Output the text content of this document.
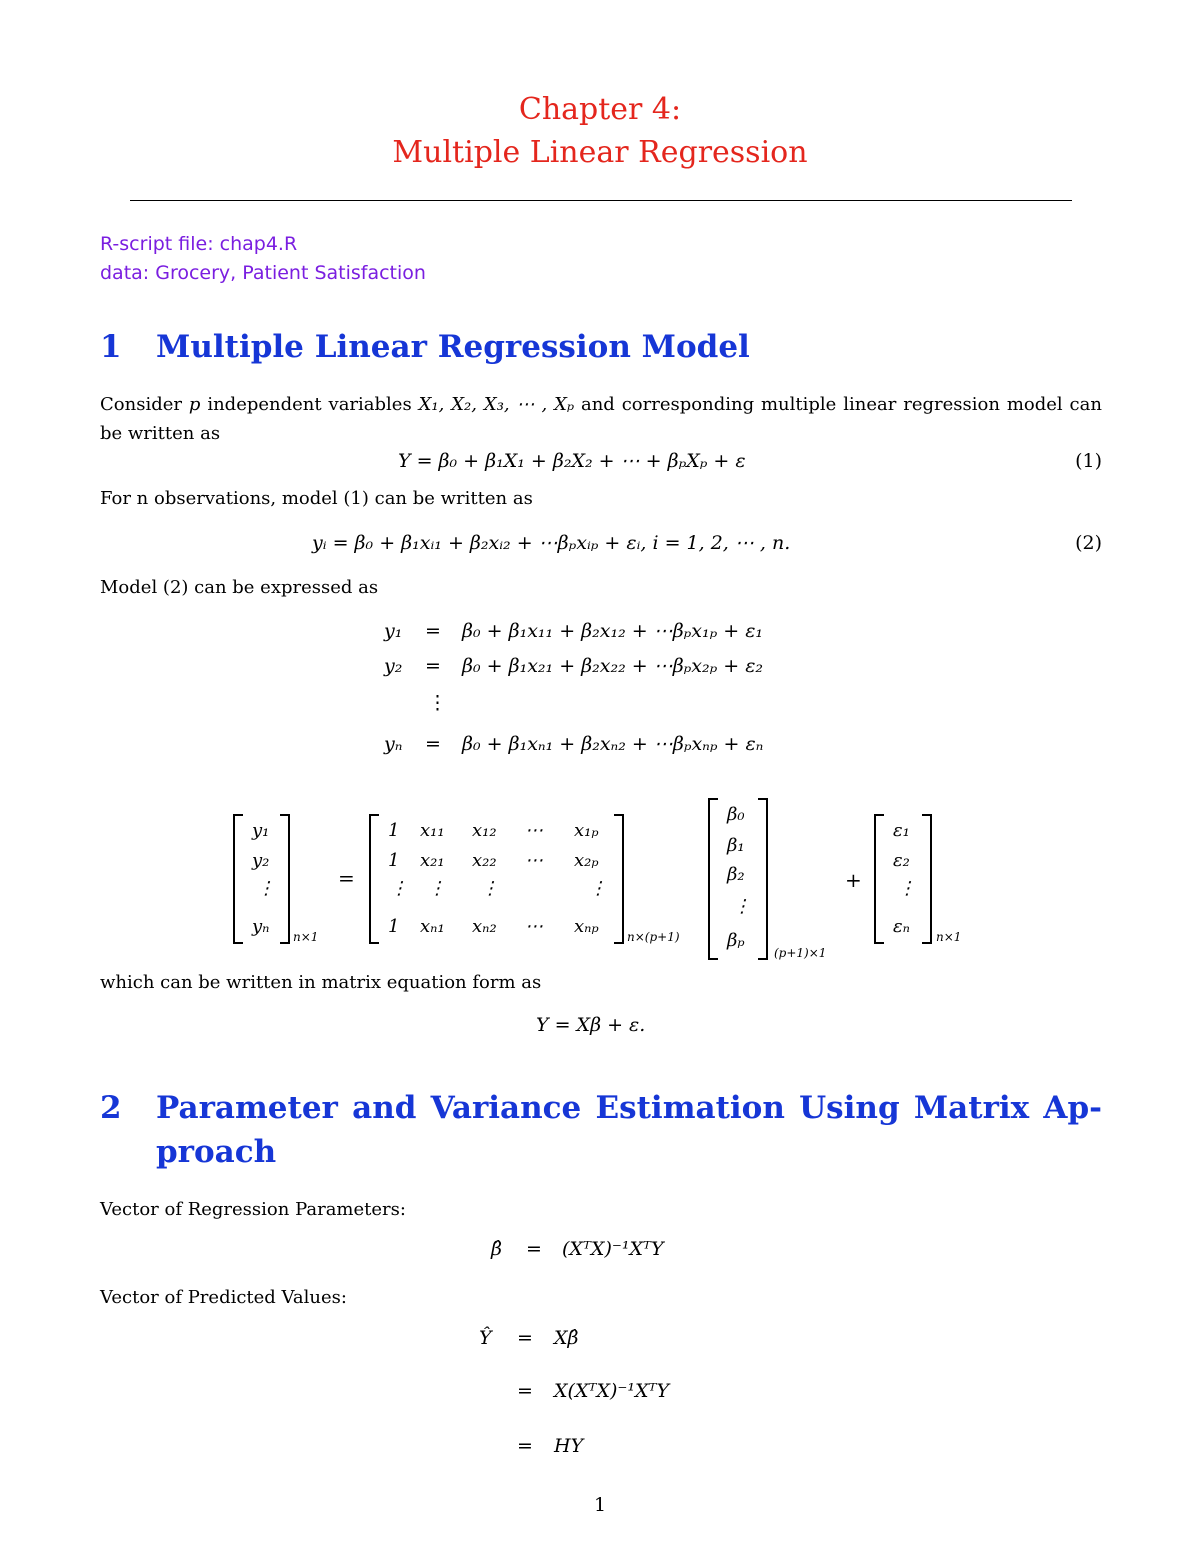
Chapter 4:
Multiple Linear Regression
R-script file: chap4.R
data: Grocery, Patient Satisfaction
1 Multiple Linear Regression Model
Consider p independent variables X₁, X₂, X₃, ⋯ , Xₚ and corresponding multiple linear regression model can be written as
Y = β₀ + β₁X₁ + β₂X₂ + ⋯ + βₚXₚ + ε	(1)
For n observations, model (1) can be written as
yᵢ = β₀ + β₁xᵢ₁ + β₂xᵢ₂ + ⋯βₚxᵢₚ + εᵢ, i = 1, 2, ⋯ , n.	(2)
Model (2) can be expressed as
y₁ = β₀ + β₁x₁₁ + β₂x₁₂ + ⋯βₚx₁ₚ + ε₁
y₂ = β₀ + β₁x₂₁ + β₂x₂₂ + ⋯βₚx₂ₚ + ε₂
⋮
yₙ = β₀ + β₁xₙ₁ + β₂xₙ₂ + ⋯βₚxₙₚ + εₙ
y₁
y₂
⋮
yₙ n×1
=
1 x₁₁ x₁₂ ⋯ x₁ₚ
1 x₂₁ x₂₂ ⋯ x₂ₚ
⋮ ⋮ ⋮	⋮
1 xₙ₁ xₙ₂ ⋯ xₙₚ n×(p+1)
β₀
β₁
β₂
⋮
βₚ
(p+1)×1
+
ε₁
ε₂
⋮
εₙ n×1
which can be written in matrix equation form as
Y = Xβ + ε.
2	Parameter and Variance Estimation Using Matrix Ap-
proach
Vector of Regression Parameters:
β̂ = (XᵀX)⁻¹XᵀY
Vector of Predicted Values:
Ŷ = Xβ̂
= X(XᵀX)⁻¹XᵀY
= HY
1
